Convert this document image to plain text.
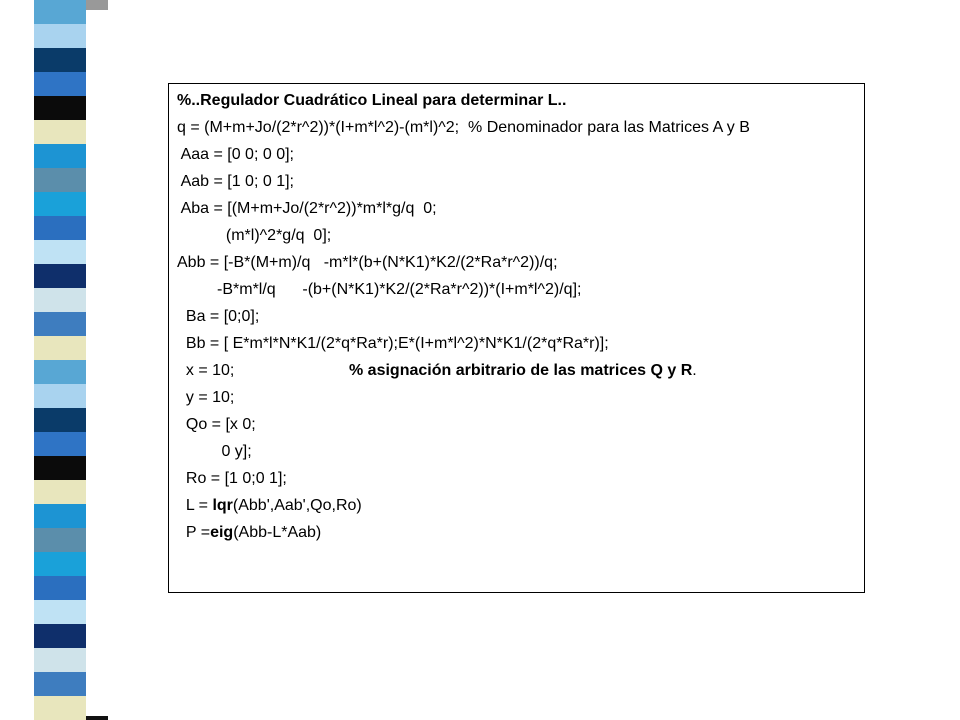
%..Regulador Cuadrático Lineal para determinar L..
q = (M+m+Jo/(2*r^2))*(I+m*l^2)-(m*l)^2;  % Denominador para las Matrices A y B
Aaa = [0 0; 0 0];
Aab = [1 0; 0 1];
Aba = [(M+m+Jo/(2*r^2))*m*l*g/q  0;
(m*l)^2*g/q  0];
Abb = [-B*(M+m)/q   -m*l*(b+(N*K1)*K2/(2*Ra*r^2))/q;
-B*m*l/q      -(b+(N*K1)*K2/(2*Ra*r^2))*(I+m*l^2)/q];
Ba = [0;0];
Bb = [ E*m*l*N*K1/(2*q*Ra*r);E*(I+m*l^2)*N*K1/(2*q*Ra*r)];
x = 10;	% asignación arbitrario de las matrices Q y R.
y = 10;
Qo = [x 0;
0 y];
Ro = [1 0;0 1];
L = lqr(Abb',Aab',Qo,Ro)
P =eig(Abb-L*Aab)
